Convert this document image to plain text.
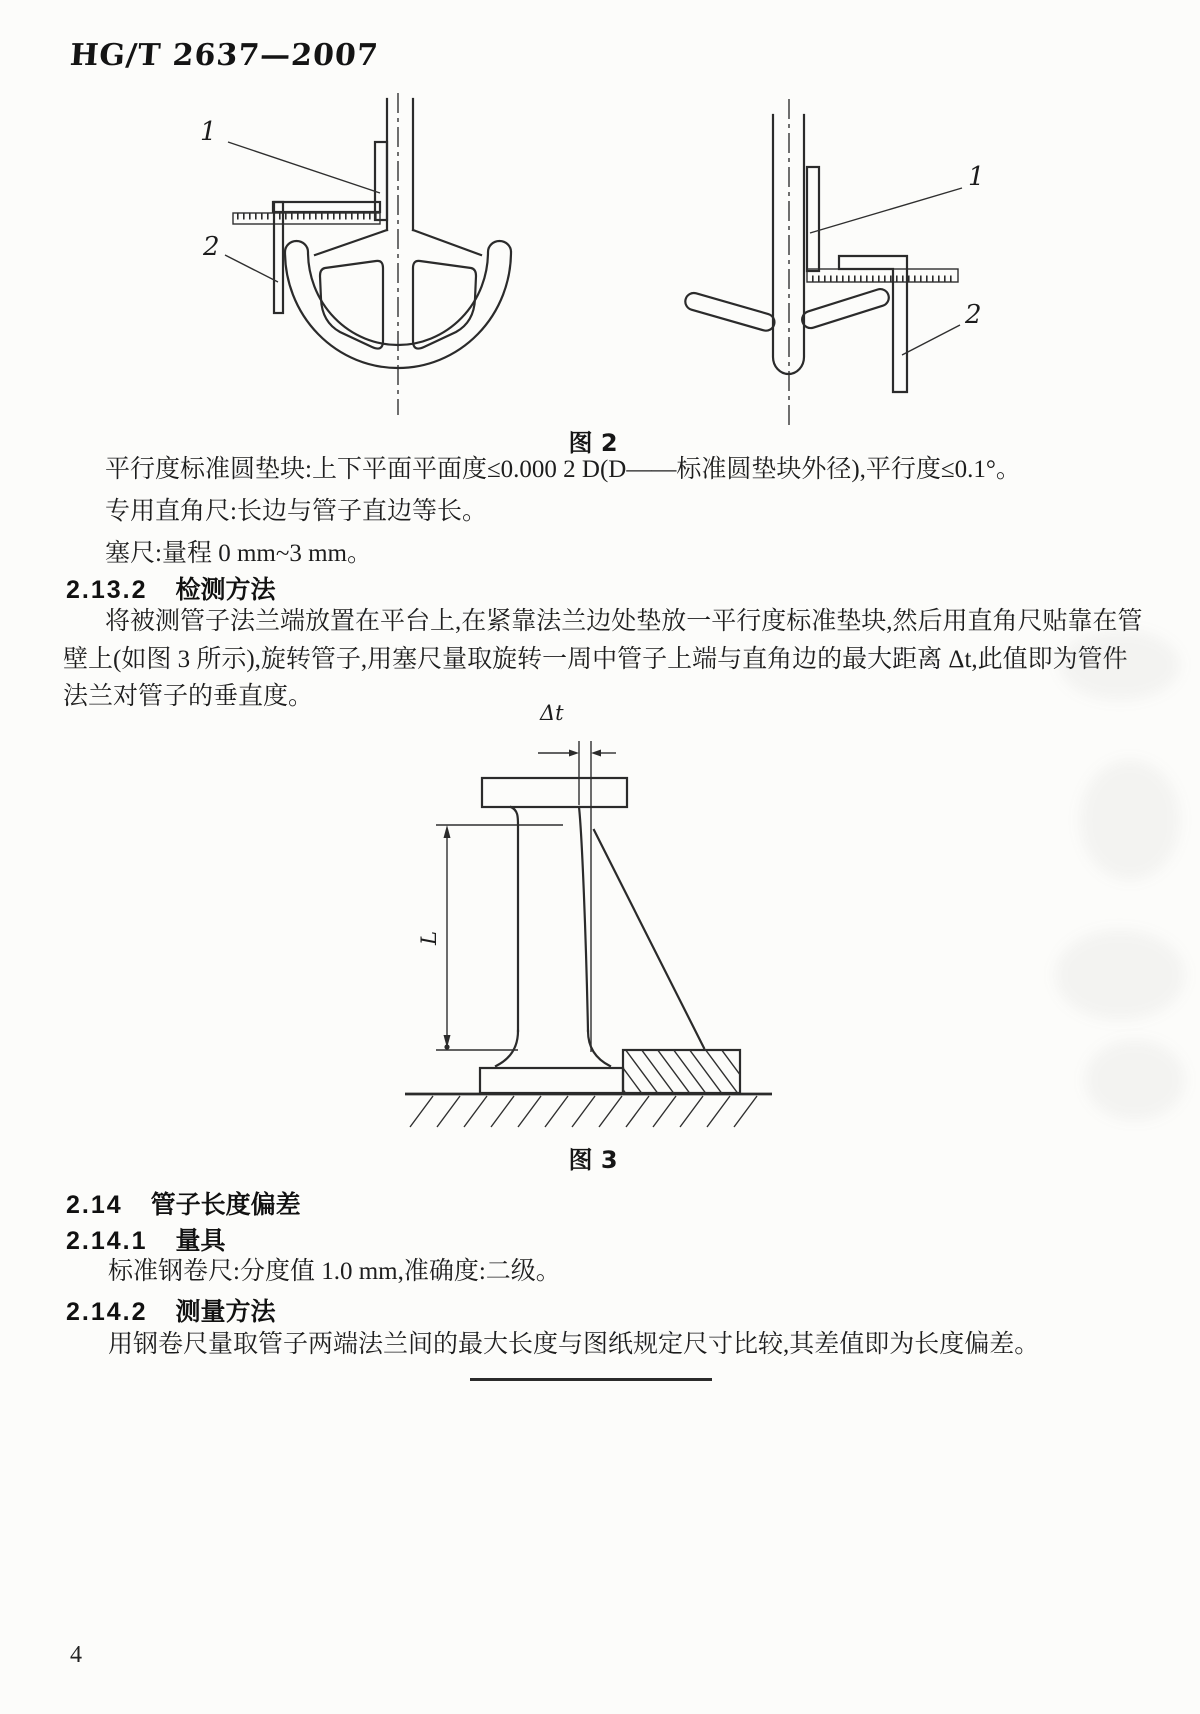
HG/T 2637—2007
1
2
1
2
图 2
平行度标准圆垫块:上下平面平面度≤0.000 2 D(D——标准圆垫块外径),平行度≤0.1°。
专用直角尺:长边与管子直边等长。
塞尺:量程 0 mm~3 mm。
2.13.2 检测方法
将被测管子法兰端放置在平台上,在紧靠法兰边处垫放一平行度标准垫块,然后用直角尺贴靠在管
壁上(如图 3 所示),旋转管子,用塞尺量取旋转一周中管子上端与直角边的最大距离 Δt,此值即为管件
法兰对管子的垂直度。
Δt
L
图 3
2.14 管子长度偏差
2.14.1 量具
标准钢卷尺:分度值 1.0 mm,准确度:二级。
2.14.2 测量方法
用钢卷尺量取管子两端法兰间的最大长度与图纸规定尺寸比较,其差值即为长度偏差。
4
